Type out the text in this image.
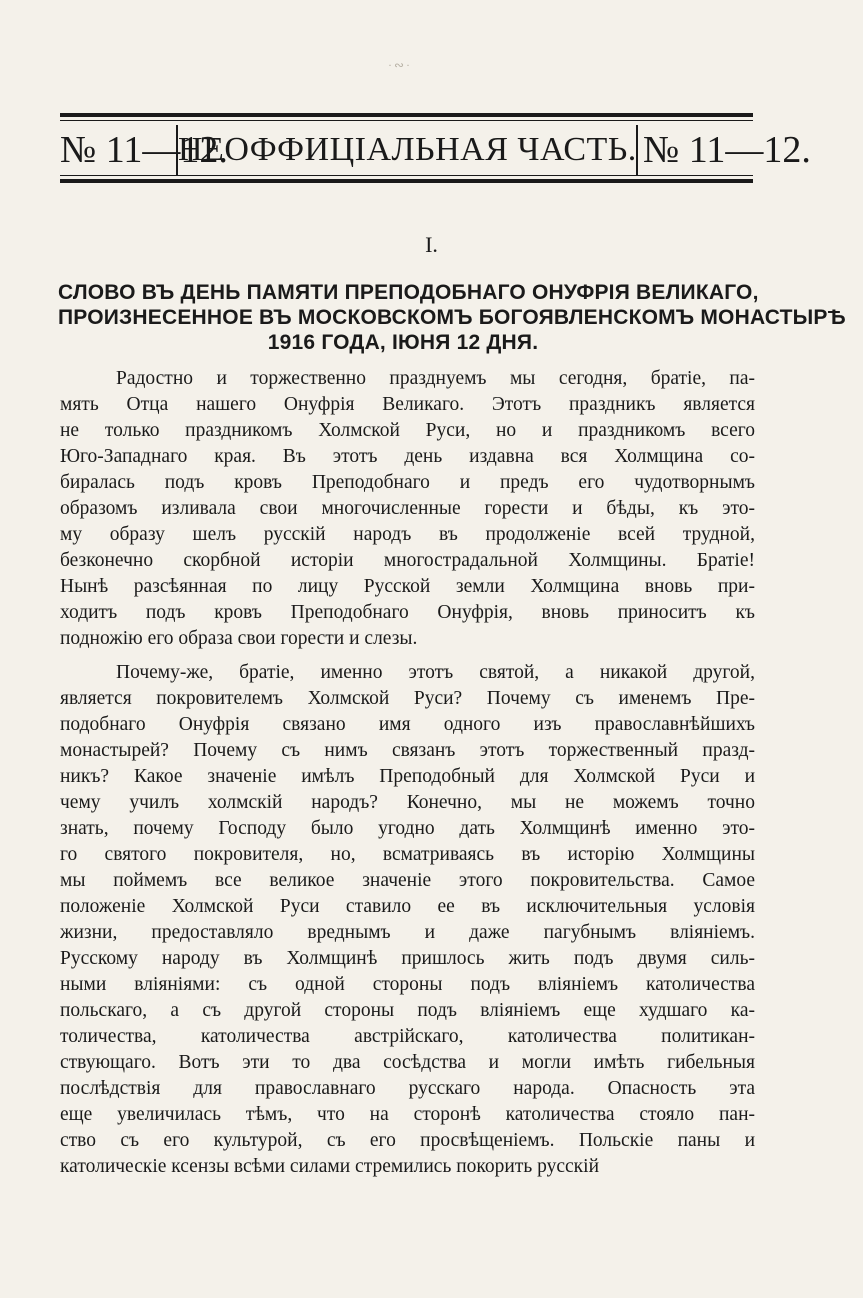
·∾·
№ 11—12.
НЕОФФИЦІАЛЬНАЯ ЧАСТЬ. № 11—12.
I.
СЛОВО ВЪ ДЕНЬ ПАМЯТИ ПРЕПОДОБНАГО ОНУФРІЯ ВЕЛИКАГО,
ПРОИЗНЕСЕННОЕ ВЪ МОСКОВСКОМЪ БОГОЯВЛЕНСКОМЪ МОНАСТЫРѢ
1916 ГОДА, ІЮНЯ 12 ДНЯ.
Радостно и торжественно празднуемъ мы сегодня, братіе, па-
мять Отца нашего Онуфрія Великаго. Этотъ праздникъ является
не только праздникомъ Холмской Руси, но и праздникомъ всего
Юго-Западнаго края. Въ этотъ день издавна вся Холмщина со-
биралась подъ кровъ Преподобнаго и предъ его чудотворнымъ
образомъ изливала свои многочисленные горести и бѣды, къ это-
му образу шелъ русскій народъ въ продолженіе всей трудной,
безконечно скорбной исторіи многострадальной Холмщины. Братіе!
Нынѣ разсѣянная по лицу Русской земли Холмщина вновь при-
ходитъ подъ кровъ Преподобнаго Онуфрія, вновь приноситъ къ
подножію его образа свои горести и слезы.
Почему-же, братіе, именно этотъ святой, а никакой другой,
является покровителемъ Холмской Руси? Почему съ именемъ Пре-
подобнаго Онуфрія связано имя одного изъ православнѣйшихъ
монастырей? Почему съ нимъ связанъ этотъ торжественный празд-
никъ? Какое значеніе имѣлъ Преподобный для Холмской Руси и
чему училъ холмскій народъ? Конечно, мы не можемъ точно
знать, почему Господу было угодно дать Холмщинѣ именно это-
го святого покровителя, но, всматриваясь въ исторію Холмщины
мы поймемъ все великое значеніе этого покровительства. Самое
положеніе Холмской Руси ставило ее въ исключительныя условія
жизни, предоставляло вреднымъ и даже пагубнымъ вліяніемъ.
Русскому народу въ Холмщинѣ пришлось жить подъ двумя силь-
ными вліяніями: съ одной стороны подъ вліяніемъ католичества
польскаго, а съ другой стороны подъ вліяніемъ еще худшаго ка-
толичества, католичества австрійскаго, католичества политикан-
ствующаго. Вотъ эти то два сосѣдства и могли имѣть гибельныя
послѣдствія для православнаго русскаго народа. Опасность эта
еще увеличилась тѣмъ, что на сторонѣ католичества стояло пан-
ство съ его культурой, съ его просвѣщеніемъ. Польскіе паны и
католическіе ксензы всѣми силами стремились покорить русскій
